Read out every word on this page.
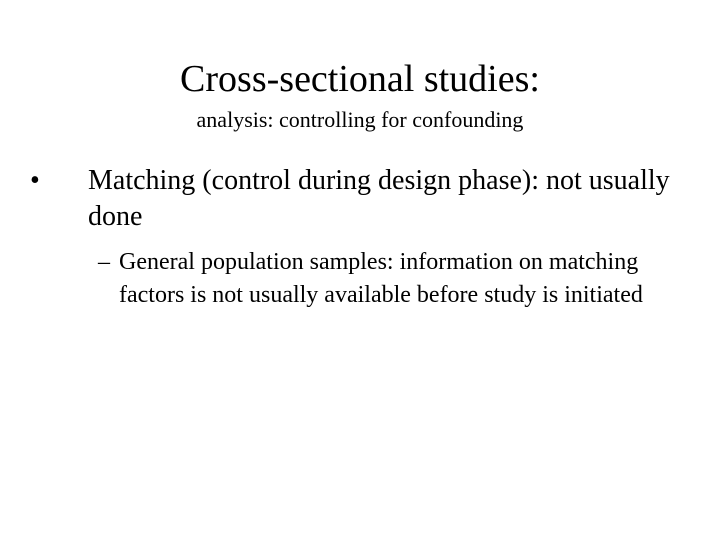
Cross-sectional studies:
analysis: controlling for confounding
• Matching (control during design phase): not usually done
– General population samples: information on matching factors is not usually available before study is initiated
